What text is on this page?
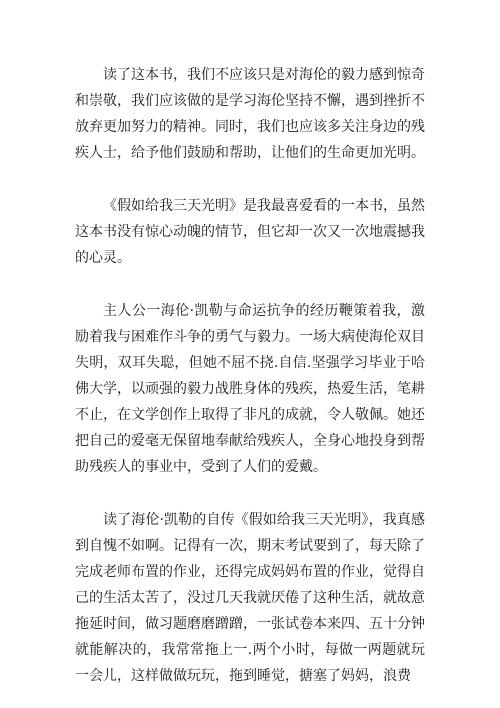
读了这本书，我们不应该只是对海伦的毅力感到惊奇和崇敬，我们应该做的是学习海伦坚持不懈，遇到挫折不放弃更加努力的精神。同时，我们也应该多关注身边的残疾人士，给予他们鼓励和帮助，让他们的生命更加光明。

《假如给我三天光明》是我最喜爱看的一本书，虽然这本书没有惊心动魄的情节，但它却一次又一次地震撼我的心灵。

主人公一海伦·凯勒与命运抗争的经历鞭策着我，激励着我与困难作斗争的勇气与毅力。一场大病使海伦双目失明，双耳失聪，但她不屈不挠.自信.坚强学习毕业于哈佛大学，以顽强的毅力战胜身体的残疾，热爱生活，笔耕不止，在文学创作上取得了非凡的成就，令人敬佩。她还把自己的爱毫无保留地奉献给残疾人，全身心地投身到帮助残疾人的事业中，受到了人们的爱戴。

读了海伦·凯勒的自传《假如给我三天光明》，我真感到自愧不如啊。记得有一次，期末考试要到了，每天除了完成老师布置的作业，还得完成妈妈布置的作业，觉得自己的生活太苦了，没过几天我就厌倦了这种生活，就故意拖延时间，做习题磨磨蹭蹭，一张试卷本来四、五十分钟就能解决的，我常常拖上一.两个小时，每做一两题就玩一会儿，这样做做玩玩，拖到睡觉，搪塞了妈妈，浪费
